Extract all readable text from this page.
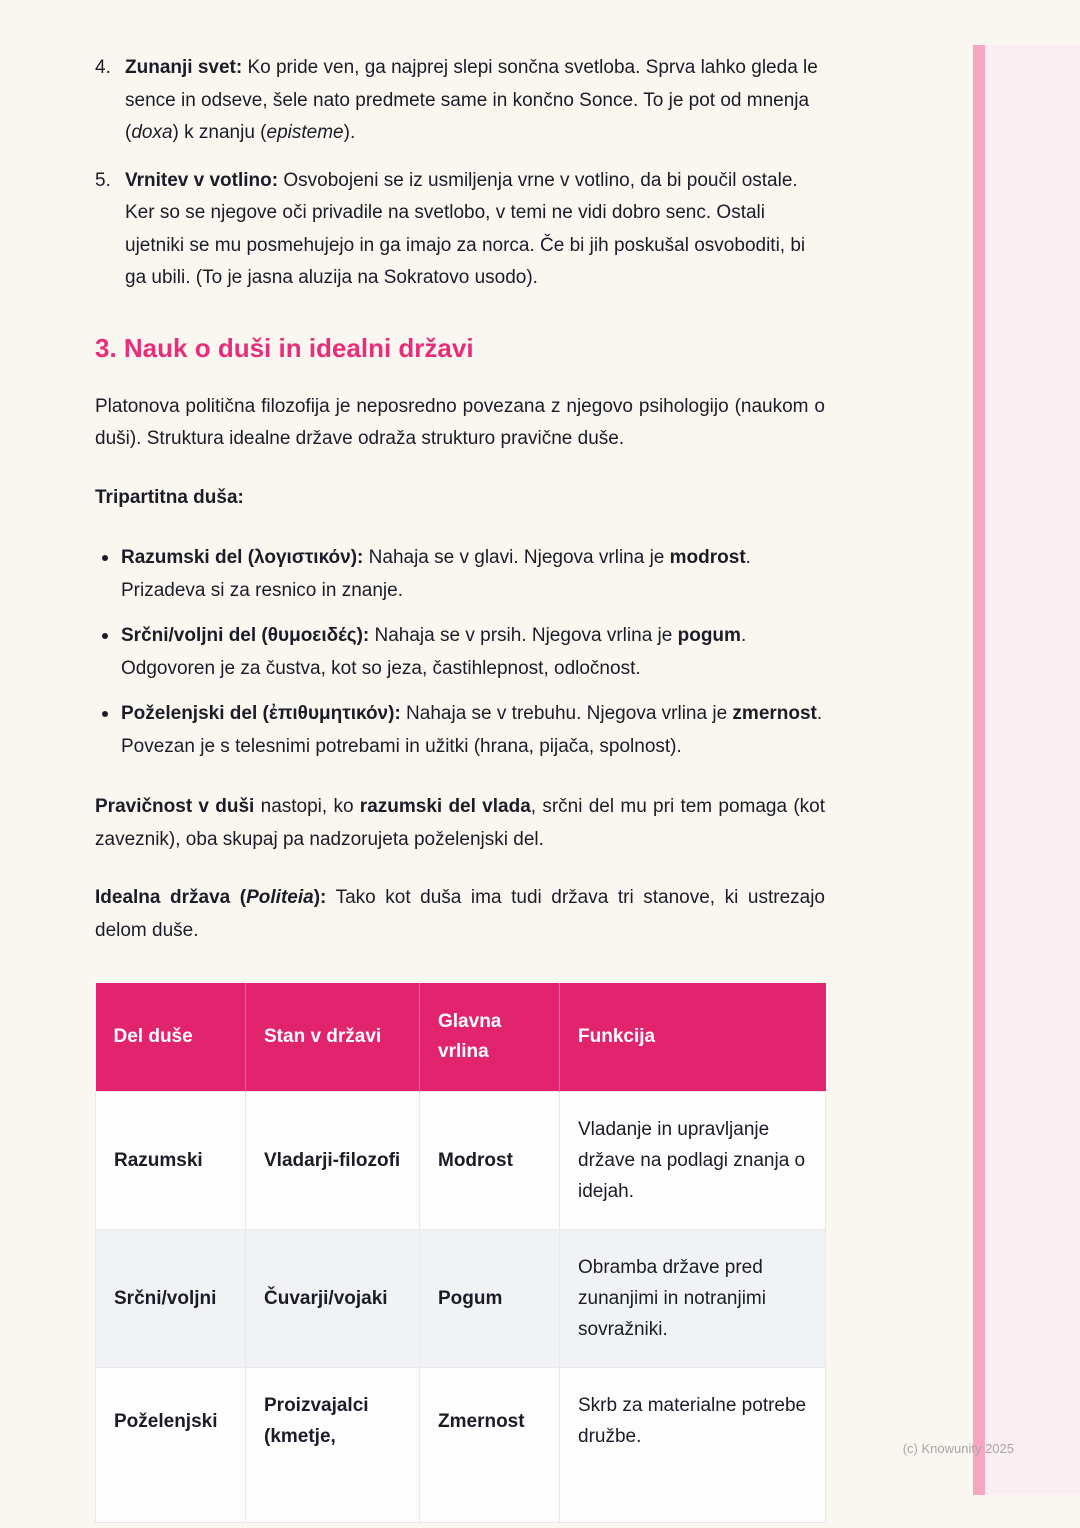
4. Zunanji svet: Ko pride ven, ga najprej slepi sončna svetloba. Sprva lahko gleda le sence in odseve, šele nato predmete same in končno Sonce. To je pot od mnenja (doxa) k znanju (episteme).
5. Vrnitev v votlino: Osvobojeni se iz usmiljenja vrne v votlino, da bi poučil ostale. Ker so se njegove oči privadile na svetlobo, v temi ne vidi dobro senc. Ostali ujetniki se mu posmehujejo in ga imajo za norca. Če bi jih poskušal osvoboditi, bi ga ubili. (To je jasna aluzija na Sokratovo usodo).
3. Nauk o duši in idealni državi

Platonova politična filozofija je neposredno povezana z njegovo psihologijo (naukom o duši). Struktura idealne države odraža strukturo pravične duše.

Tripartitna duša:

Razumski del (λογιστικόν): Nahaja se v glavi. Njegova vrlina je modrost. Prizadeva si za resnico in znanje.
Srčni/voljni del (θυμοειδές): Nahaja se v prsih. Njegova vrlina je pogum. Odgovoren je za čustva, kot so jeza, častihlepnost, odločnost.
Poželenjski del (ἐπιθυμητικόν): Nahaja se v trebuhu. Njegova vrlina je zmernost. Povezan je s telesnimi potrebami in užitki (hrana, pijača, spolnost).

Pravičnost v duši nastopi, ko razumski del vlada, srčni del mu pri tem pomaga (kot zaveznik), oba skupaj pa nadzorujeta poželenjski del.

Idealna država (Politeia): Tako kot duša ima tudi država tri stanove, ki ustrezajo delom duše.

Del duše	Stan v državi	Glavna vrlina	Funkcija
Razumski	Vladarji-filozofi	Modrost	Vladanje in upravljanje države na podlagi znanja o idejah.
Srčni/voljni	Čuvarji/vojaki	Pogum	Obramba države pred zunanjimi in notranjimi sovražniki.
Poželenjski	Proizvajalci (kmetje,	Zmernost	Skrb za materialne potrebe družbe.
(c) Knowunity 2025
